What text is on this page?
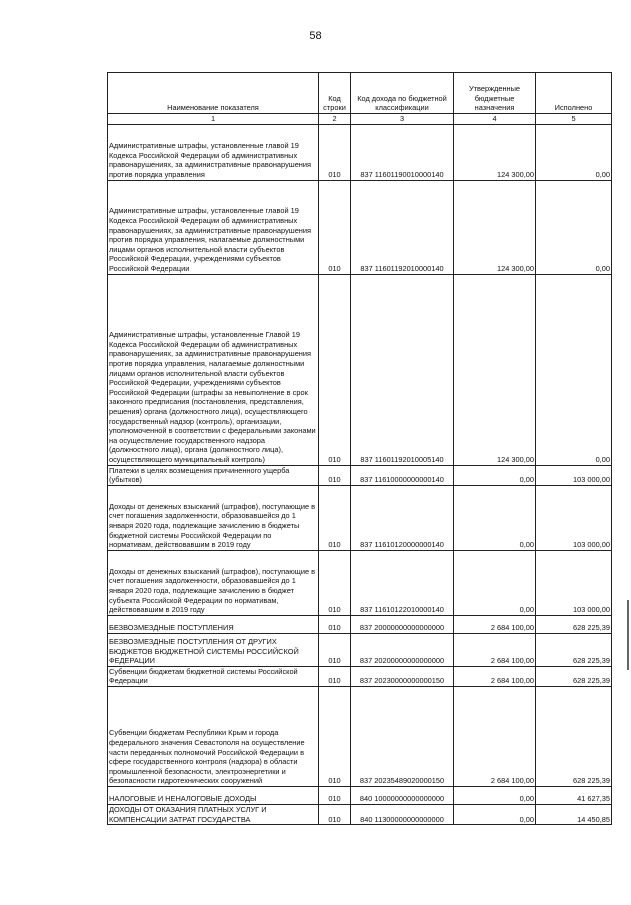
58
Наименование показателя	Код строки	Код дохода по бюджетной классификации	Утвержденные бюджетные назначения	Исполнено
1	2	3	4	5
Административные штрафы, установленные главой 19 Кодекса Российской Федерации об административных правонарушениях, за административные правонарушения против порядка управления	010	837 11601190010000140	124 300,00	0,00
Административные штрафы, установленные главой 19 Кодекса Российской Федерации об административных правонарушениях, за административные правонарушения против порядка управления, налагаемые должностными лицами органов исполнительной власти субъектов Российской Федерации, учреждениями субъектов Российской Федерации	010	837 11601192010000140	124 300,00	0,00
Административные штрафы, установленные Главой 19 Кодекса Российской Федерации об административных правонарушениях, за административные правонарушения против порядка управления, налагаемые должностными лицами органов исполнительной власти субъектов Российской Федерации, учреждениями субъектов Российской Федерации (штрафы за невыполнение в срок законного предписания (постановления, представления, решения) органа (должностного лица), осуществляющего государственный надзор (контроль), организации, уполномоченной в соответствии с федеральными законами на осуществление государственного надзора (должностного лица), органа (должностного лица), осуществляющего муниципальный контроль)	010	837 11601192010005140	124 300,00	0,00
Платежи в целях возмещения причиненного ущерба (убытков)	010	837 11610000000000140	0,00	103 000,00
Доходы от денежных взысканий (штрафов), поступающие в счет погашения задолженности, образовавшейся до 1 января 2020 года, подлежащие зачислению в бюджеты бюджетной системы Российской Федерации по нормативам, действовавшим в 2019 году	010	837 11610120000000140	0,00	103 000,00
Доходы от денежных взысканий (штрафов), поступающие в счет погашения задолженности, образовавшейся до 1 января 2020 года, подлежащие зачислению в бюджет субъекта Российской Федерации по нормативам, действовавшим в 2019 году	010	837 11610122010000140	0,00	103 000,00
БЕЗВОЗМЕЗДНЫЕ ПОСТУПЛЕНИЯ	010	837 20000000000000000	2 684 100,00	628 225,39
БЕЗВОЗМЕЗДНЫЕ ПОСТУПЛЕНИЯ ОТ ДРУГИХ БЮДЖЕТОВ БЮДЖЕТНОЙ СИСТЕМЫ РОССИЙСКОЙ ФЕДЕРАЦИИ	010	837 20200000000000000	2 684 100,00	628 225,39
Субвенции бюджетам бюджетной системы Российской Федерации	010	837 20230000000000150	2 684 100,00	628 225,39
Субвенции бюджетам Республики Крым и города федерального значения Севастополя на осуществление части переданных полномочий Российской Федерации в сфере государственного контроля (надзора) в области промышленной безопасности, электроэнергетики и безопасности гидротехнических сооружений	010	837 20235489020000150	2 684 100,00	628 225,39
НАЛОГОВЫЕ И НЕНАЛОГОВЫЕ ДОХОДЫ	010	840 10000000000000000	0,00	41 627,35
ДОХОДЫ ОТ ОКАЗАНИЯ ПЛАТНЫХ УСЛУГ И КОМПЕНСАЦИИ ЗАТРАТ ГОСУДАРСТВА	010	840 11300000000000000	0,00	14 450,85
